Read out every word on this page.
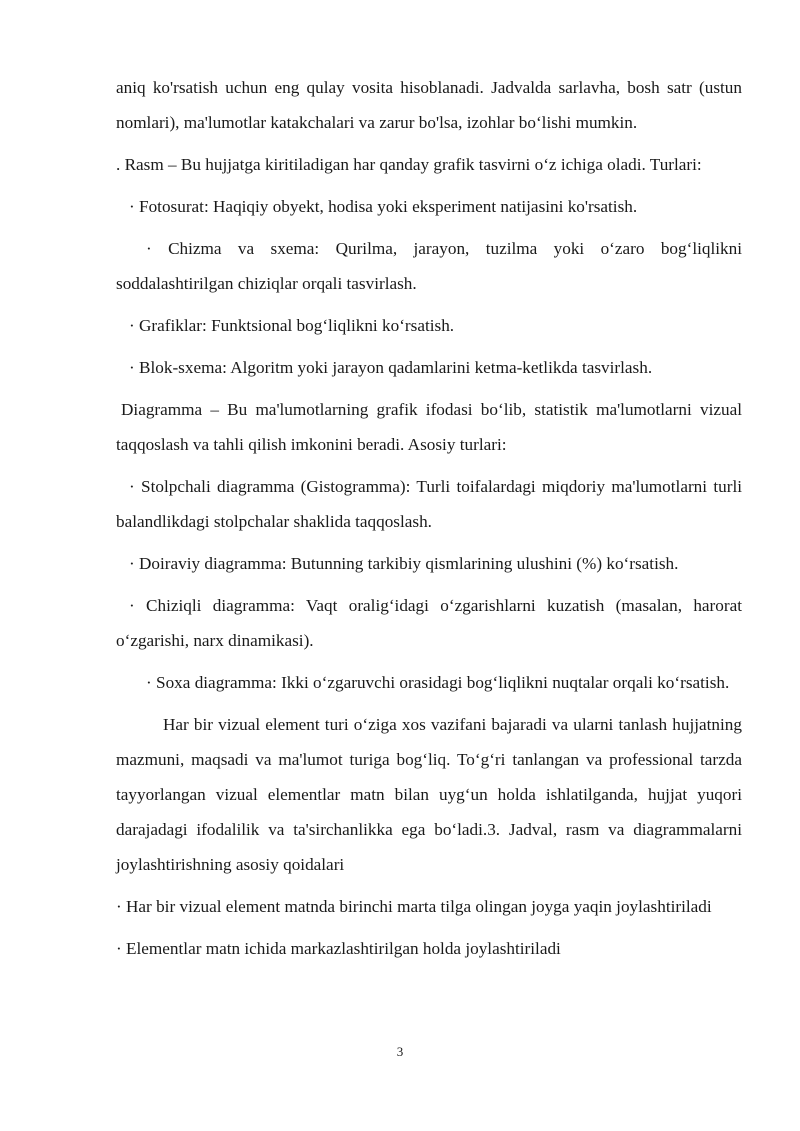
aniq ko'rsatish uchun eng qulay vosita hisoblanadi. Jadvalda sarlavha, bosh satr (ustun nomlari), ma'lumotlar katakchalari va zarur bo'lsa, izohlar bo‘lishi mumkin.

. Rasm – Bu hujjatga kiritiladigan har qanday grafik tasvirni o‘z ichiga oladi. Turlari:

· Fotosurat: Haqiqiy obyekt, hodisa yoki eksperiment natijasini ko'rsatish.

· Chizma va sxema: Qurilma, jarayon, tuzilma yoki o‘zaro bog‘liqlikni soddalashtirilgan chiziqlar orqali tasvirlash.

· Grafiklar: Funktsional bog‘liqlikni ko‘rsatish.

· Blok-sxema: Algoritm yoki jarayon qadamlarini ketma-ketlikda tasvirlash.

Diagramma – Bu ma'lumotlarning grafik ifodasi bo‘lib, statistik ma'lumotlarni vizual taqqoslash va tahli qilish imkonini beradi. Asosiy turlari:

· Stolpchali diagramma (Gistogramma): Turli toifalardagi miqdoriy ma'lumotlarni turli balandlikdagi stolpchalar shaklida taqqoslash.

· Doiraviy diagramma: Butunning tarkibiy qismlarining ulushini (%) ko‘rsatish.

· Chiziqli diagramma: Vaqt oralig‘idagi o‘zgarishlarni kuzatish (masalan, harorat o‘zgarishi, narx dinamikasi).

· Soxa diagramma: Ikki o‘zgaruvchi orasidagi bog‘liqlikni nuqtalar orqali ko‘rsatish.

Har bir vizual element turi o‘ziga xos vazifani bajaradi va ularni tanlash hujjatning mazmuni, maqsadi va ma'lumot turiga bog‘liq. To‘g‘ri tanlangan va professional tarzda tayyorlangan vizual elementlar matn bilan uyg‘un holda ishlatilganda, hujjat yuqori darajadagi ifodalilik va ta'sirchanlikka ega bo‘ladi.3. Jadval, rasm va diagrammalarni joylashtirishning asosiy qoidalari

· Har bir vizual element matnda birinchi marta tilga olingan joyga yaqin joylashtiriladi

· Elementlar matn ichida markazlashtirilgan holda joylashtiriladi

3
